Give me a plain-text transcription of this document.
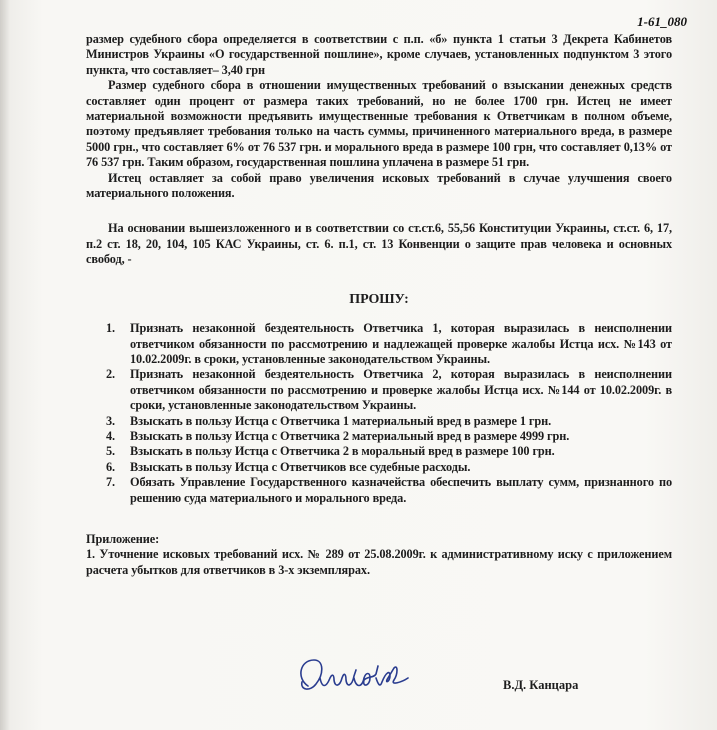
1-61_080

размер судебного сбора определяется в соответствии с п.п. «б» пункта 1 статьи 3 Декрета Кабинетов Министров Украины «О государственной пошлине», кроме случаев, установленных подпунктом 3 этого пункта, что составляет– 3,40 грн

Размер судебного сбора в отношении имущественных требований о взыскании денежных средств составляет один процент от размера таких требований, но не более 1700 грн. Истец не имеет материальной возможности предъявить имущественные требования к Ответчикам в полном объеме, поэтому предъявляет требования только на часть суммы, причиненного материального вреда, в размере 5000 грн., что составляет 6% от 76 537 грн. и морального вреда в размере 100 грн, что составляет 0,13% от 76 537 грн. Таким образом, государственная пошлина уплачена в размере 51 грн.

Истец оставляет за собой право увеличения исковых требований в случае улучшения своего материального положения.

На основании вышеизложенного и в соответствии со ст.ст.6, 55,56 Конституции Украины, ст.ст. 6, 17, п.2 ст. 18, 20, 104, 105 КАС Украины, ст. 6. п.1, ст. 13 Конвенции о защите прав человека и основных свобод, -

ПРОШУ:
1. Признать незаконной бездеятельность Ответчика 1, которая выразилась в неисполнении ответчиком обязанности по рассмотрению и надлежащей проверке жалобы Истца исх. №143 от 10.02.2009г. в сроки, установленные законодательством Украины.
2. Признать незаконной бездеятельность Ответчика 2, которая выразилась в неисполнении ответчиком обязанности по рассмотрению и проверке жалобы Истца исх. №144 от 10.02.2009г. в сроки, установленные законодательством Украины.
3. Взыскать в пользу Истца с Ответчика 1 материальный вред в размере 1 грн.
4. Взыскать в пользу Истца с Ответчика 2 материальный вред в размере 4999 грн.
5. Взыскать в пользу Истца с Ответчика 2 в моральный вред в размере 100 грн.
6. Взыскать в пользу Истца с Ответчиков все судебные расходы.
7. Обязать Управление Государственного казначейства обеспечить выплату сумм, признанного по решению суда материального и морального вреда.
Приложение:

1. Уточнение исковых требований исх. № 289 от 25.08.2009г. к административному иску с приложением расчета убытков для ответчиков в 3-х экземплярах.

В.Д. Канцара
